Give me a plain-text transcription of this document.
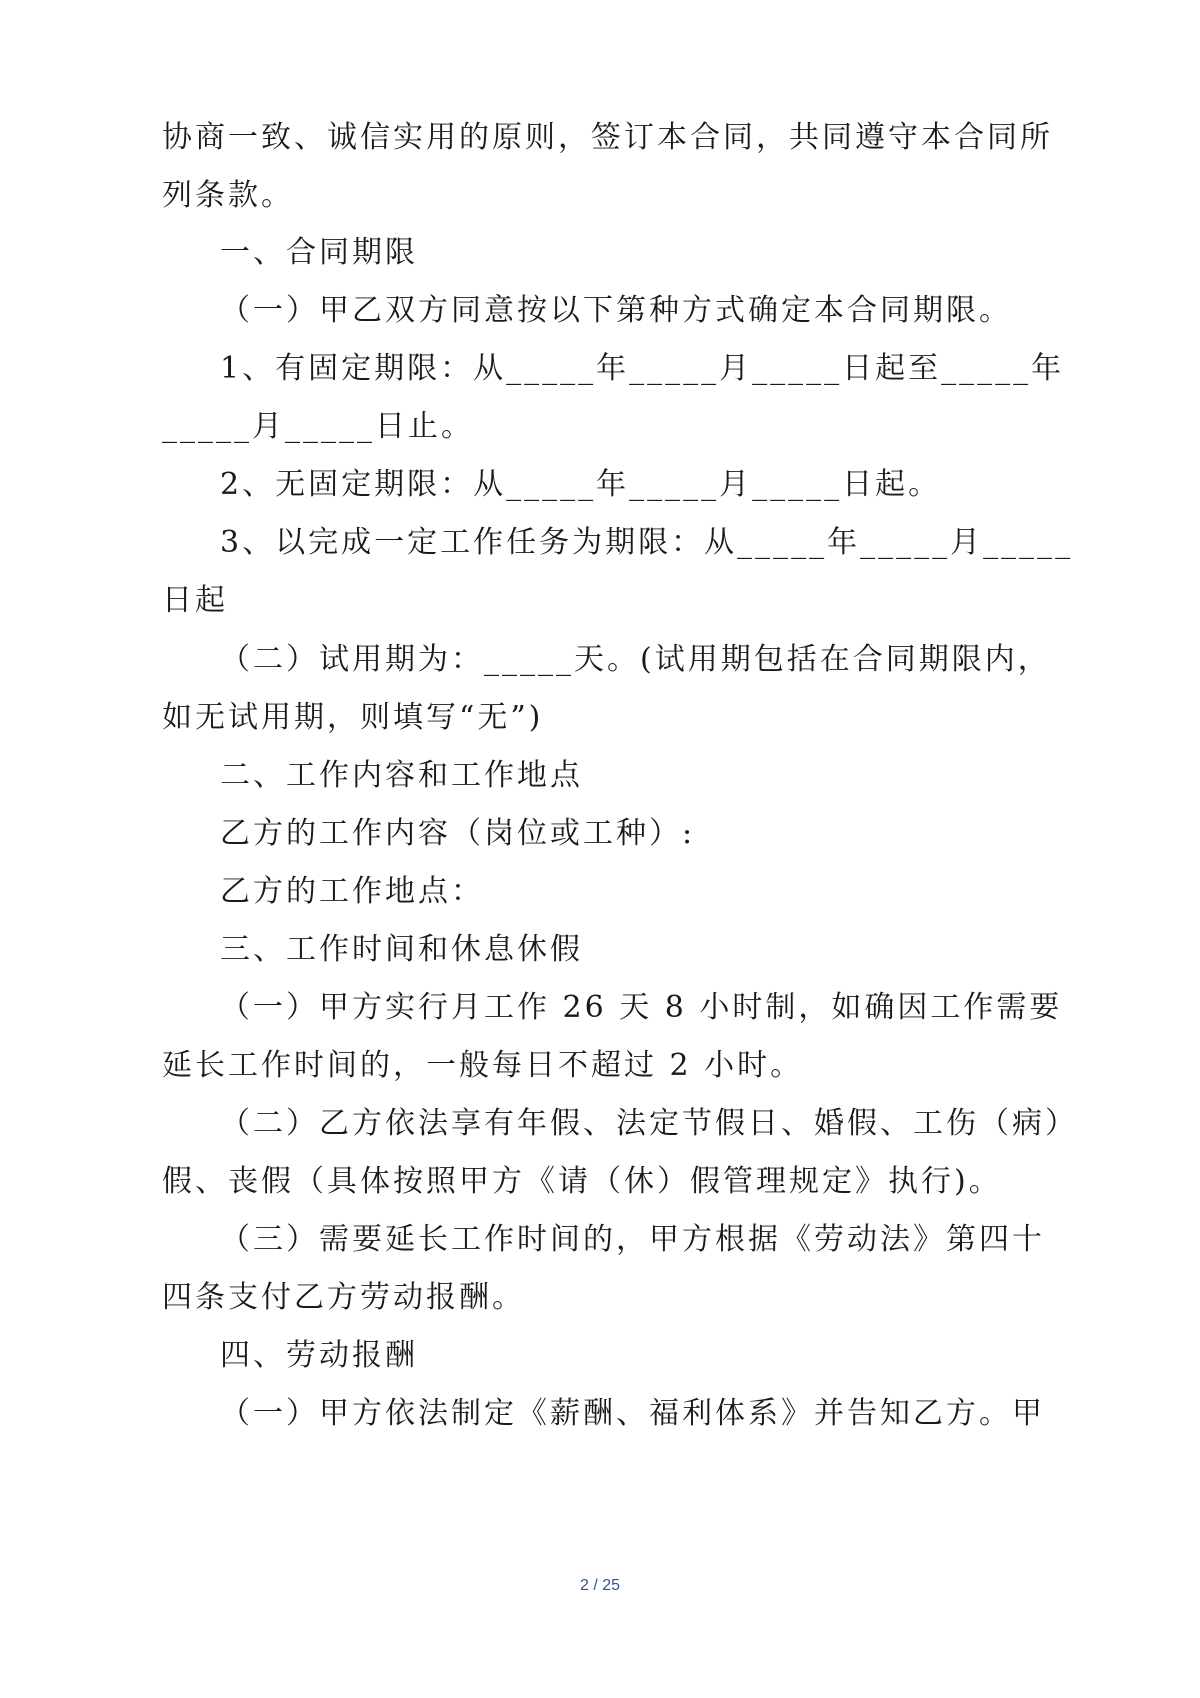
协商一致、诚信实用的原则，签订本合同，共同遵守本合同所
列条款。
一、合同期限
（一）甲乙双方同意按以下第种方式确定本合同期限。
1、有固定期限：从_____年_____月_____日起至_____年
_____月_____日止。
2、无固定期限：从_____年_____月_____日起。
3、以完成一定工作任务为期限：从_____年_____月_____
日起
（二）试用期为：_____天。(试用期包括在合同期限内，
如无试用期，则填写“无”)
二、工作内容和工作地点
乙方的工作内容（岗位或工种）:
乙方的工作地点：
三、工作时间和休息休假
（一）甲方实行月工作 26 天 8 小时制，如确因工作需要
延长工作时间的，一般每日不超过 2 小时。
（二）乙方依法享有年假、法定节假日、婚假、工伤（病）
假、丧假（具体按照甲方《请（休）假管理规定》执行)。
（三）需要延长工作时间的，甲方根据《劳动法》第四十
四条支付乙方劳动报酬。
四、劳动报酬
（一）甲方依法制定《薪酬、福利体系》并告知乙方。甲
2 / 25
